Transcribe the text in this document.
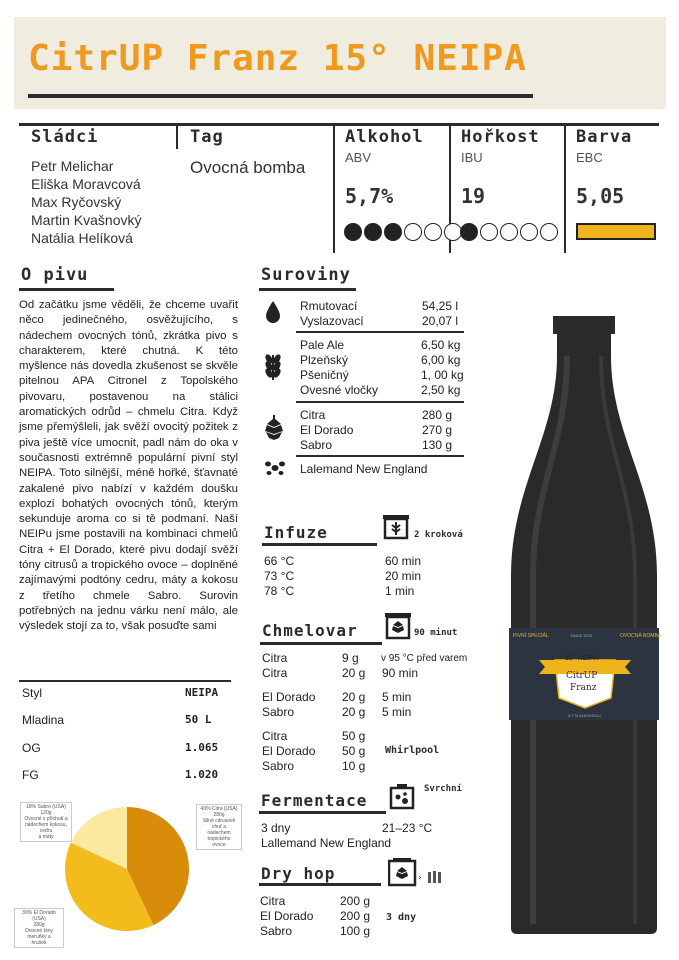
CitrUP Franz 15° NEIPA
Sládci
Petr Melichar
Eliška Moravcová
Max Ryčovský
Martin Kvašnovký
Natália Helíková
Tag
Ovocná bomba
Alkohol
ABV
5,7%
Hořkost
IBU
19
Barva
EBC
5,05
O pivu
Od začátku jsme věděli, že chceme uvařit něco jedinečného, osvěžujícího, s nádechem ovocných tónů, zkrátka pivo s charakterem, které chutná. K této myšlence nás dovedla zkušenost se skvěle pitelnou APA Citronel z Topolského pivovaru, postavenou na stálici aromatických odrůd – chmelu Citra. Když jsme přemýšleli, jak svěží ovocitý požitek z piva ještě více umocnit, padl nám do oka v současnosti extrémně populární pivní styl NEIPA. Toto silnější, méně hořké, šťavnaté zakalené pivo nabízí v každém doušku explozi bohatých ovocných tónů, kterým sekunduje aroma co si tě podmaní. Naší NEIPu jsme postavili na kombinaci chmelů Citra + El Dorado, které pivu dodají svěží tóny citrusů a tropického ovoce – doplněné zajímavými podtóny cedru, máty a kokosu z třetího chmele Sabro. Surovin potřebných na jednu várku není málo, ale výsledek stojí za to, však posuďte sami
Styl	NEIPA
Mladina	50 L
OG	1.065
FG	1.020
18% Sabro (USA)
120g
Ovocné s příchutí a
nádechem kokosu, cedru
a máty
43% Citra (USA)
280g
Silně citrusové chuť a
nádechem tropického
ovoce
39% El Dorado (USA)
280g
Ovocné tóny meruňky a
hrušek
Suroviny
Rmutovací	54,25 l
Vyslazovací	20,07 l
Pale Ale	6,50 kg
Plzeňský	6,00 kg
Pšeničný	1, 00 kg
Ovesné vločky	2,50 kg
Citra	280 g
El Dorado	270 g
Sabro	130 g
Lalemand New England
Infuze	2 kroková
66 °C	60 min
73 °C	20 min
78 °C	1 min
Chmelovar	90 minut
Citra	9 g v 95 °C před varem
Citra	20 g 90 min
El Dorado 20 g 5 min
Sabro	20 g 5 min
Citra	50 g
El Dorado 50 g
Sabro	10 g
Whirlpool
Fermentace
Svrchní
3 dny	21–23 °C
Lallemand New England
Dry hop	›
Citra	200 g
El Dorado 200 g
Sabro	100 g
3 dny
PIVNÍ SPECIÁL	SINCE 2023	OVOCNÁ BOMBA
15° NEIPA
CitrUP
Franz
5,7 % ALKOHOLU
